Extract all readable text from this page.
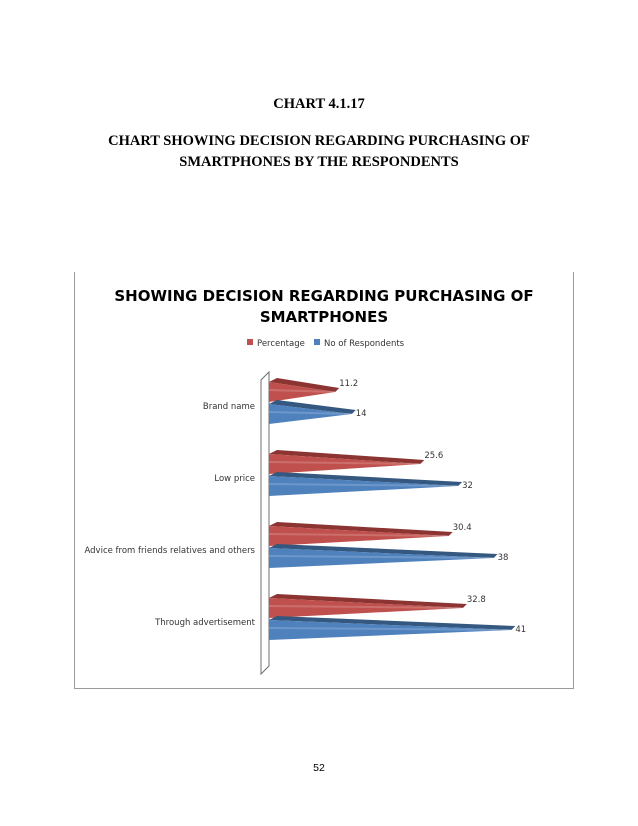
CHART 4.1.17
CHART SHOWING DECISION REGARDING PURCHASING OF
SMARTPHONES BY THE RESPONDENTS
SHOWING DECISION REGARDING PURCHASING OF
SMARTPHONES
Percentage No of Respondents
Brand name
Low price
Advice from friends relatives and others
Through advertisement
11.2
14
25.6
32
30.4
38
32.8
41
52
